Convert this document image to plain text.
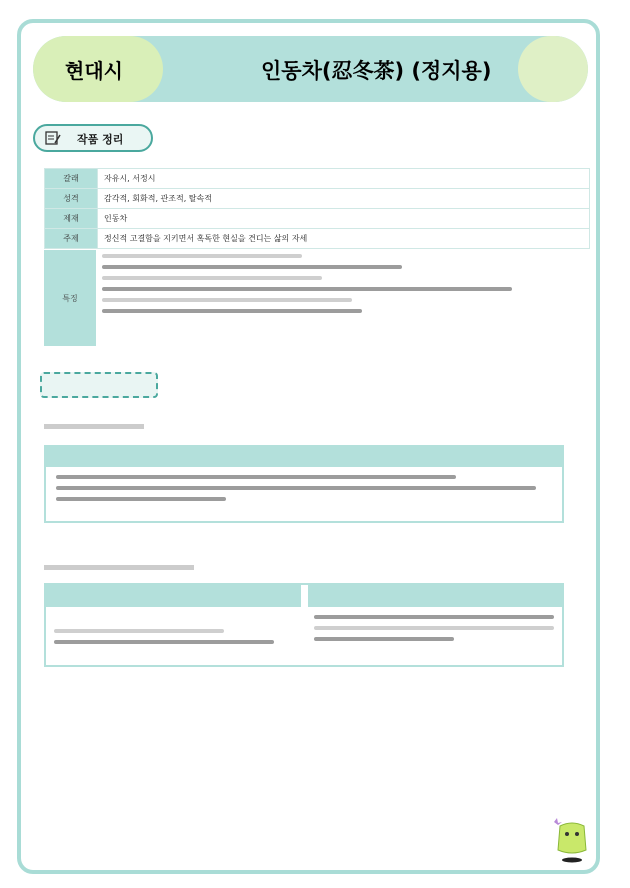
현대시	인동차(忍冬茶) (정지용)
작품 정리
갈래	자유시, 서정시
성격	감각적, 회화적, 관조적, 탈속적
제재	인동차
주제	정신적 고결함을 지키면서 혹독한 현실을 견디는 삶의 자세
특징
